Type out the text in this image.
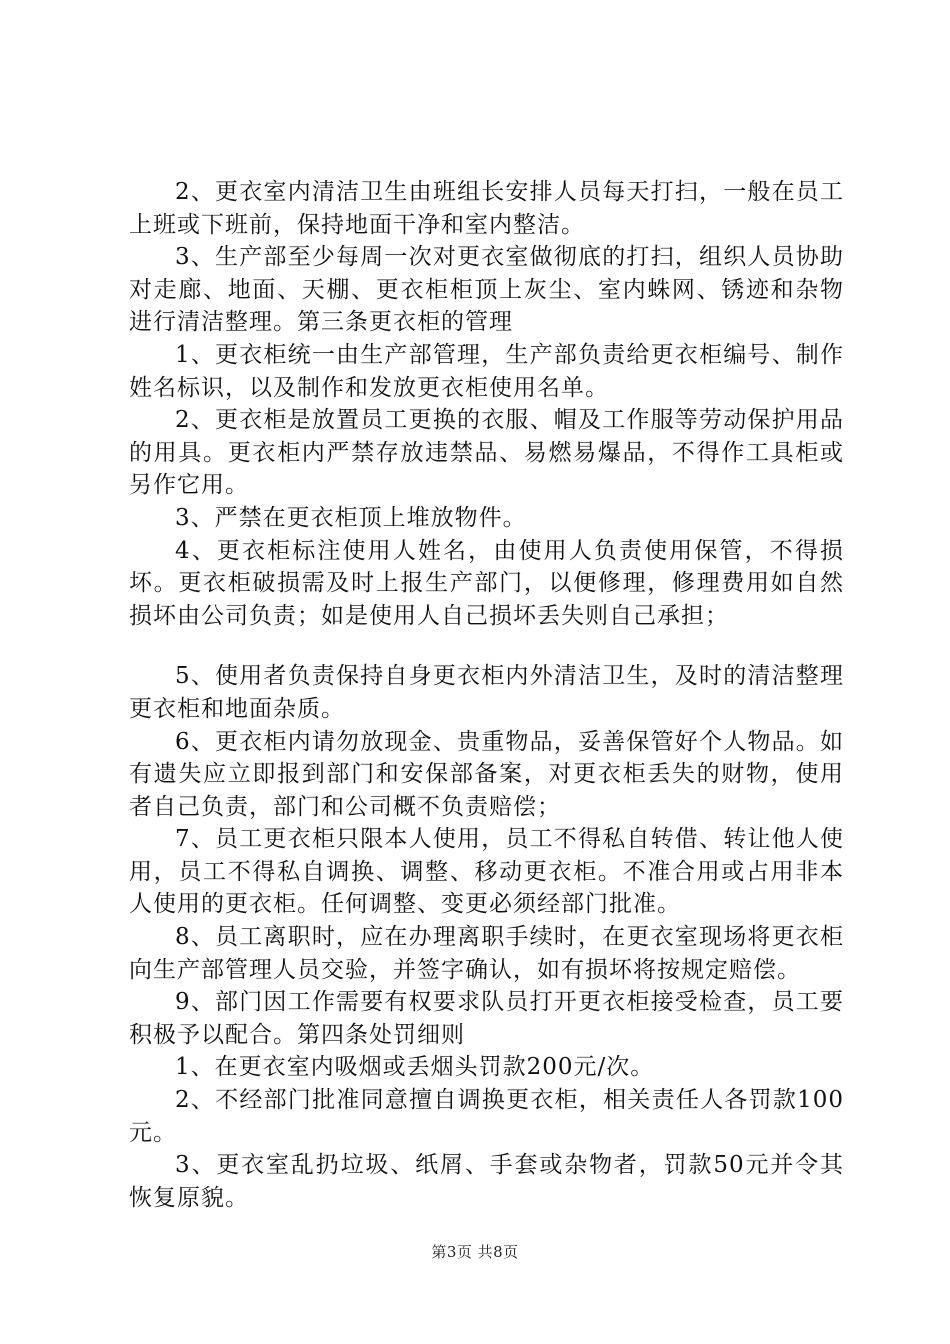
2、更衣室内清洁卫生由班组长安排人员每天打扫，一般在员工上班或下班前，保持地面干净和室内整洁。

3、生产部至少每周一次对更衣室做彻底的打扫，组织人员协助对走廊、地面、天棚、更衣柜柜顶上灰尘、室内蛛网、锈迹和杂物进行清洁整理。第三条更衣柜的管理

1、更衣柜统一由生产部管理，生产部负责给更衣柜编号、制作姓名标识，以及制作和发放更衣柜使用名单。

2、更衣柜是放置员工更换的衣服、帽及工作服等劳动保护用品的用具。更衣柜内严禁存放违禁品、易燃易爆品，不得作工具柜或另作它用。

3、严禁在更衣柜顶上堆放物件。

4、更衣柜标注使用人姓名，由使用人负责使用保管，不得损坏。更衣柜破损需及时上报生产部门，以便修理，修理费用如自然损坏由公司负责；如是使用人自己损坏丢失则自己承担；

5、使用者负责保持自身更衣柜内外清洁卫生，及时的清洁整理更衣柜和地面杂质。

6、更衣柜内请勿放现金、贵重物品，妥善保管好个人物品。如有遗失应立即报到部门和安保部备案，对更衣柜丢失的财物，使用者自己负责，部门和公司概不负责赔偿；

7、员工更衣柜只限本人使用，员工不得私自转借、转让他人使用，员工不得私自调换、调整、移动更衣柜。不准合用或占用非本人使用的更衣柜。任何调整、变更必须经部门批准。

8、员工离职时，应在办理离职手续时，在更衣室现场将更衣柜向生产部管理人员交验，并签字确认，如有损坏将按规定赔偿。

9、部门因工作需要有权要求队员打开更衣柜接受检查，员工要积极予以配合。第四条处罚细则

1、在更衣室内吸烟或丢烟头罚款200元/次。

2、不经部门批准同意擅自调换更衣柜，相关责任人各罚款100元。

3、更衣室乱扔垃圾、纸屑、手套或杂物者，罚款50元并令其恢复原貌。

第3页 共8页
